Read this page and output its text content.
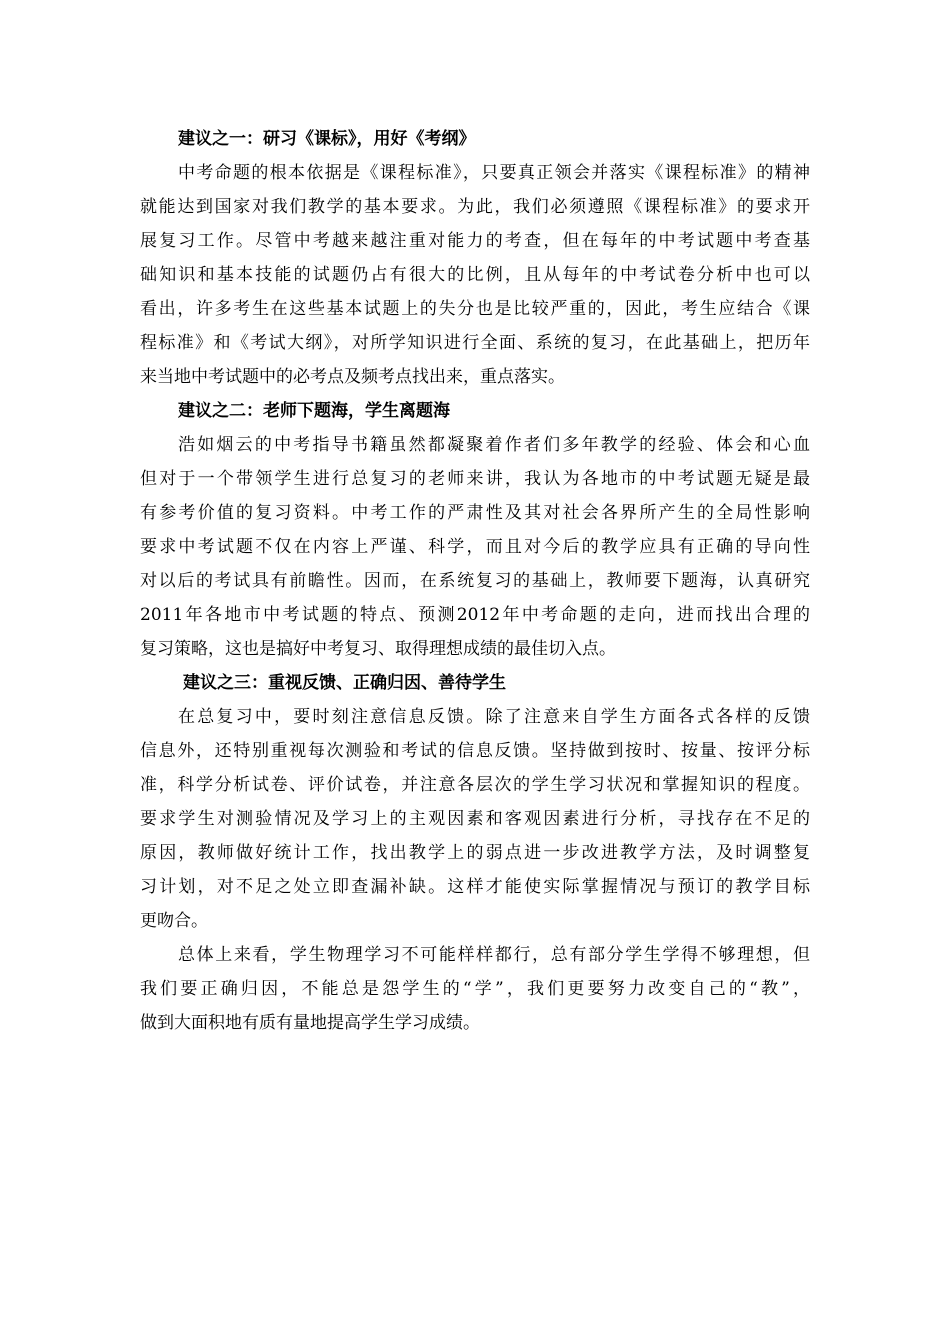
建议之一：研习《课标》，用好《考纲》
中考命题的根本依据是《课程标准》，只要真正领会并落实《课程标准》的精神
就能达到国家对我们教学的基本要求。为此，我们必须遵照《课程标准》的要求开
展复习工作。尽管中考越来越注重对能力的考查，但在每年的中考试题中考查基
础知识和基本技能的试题仍占有很大的比例，且从每年的中考试卷分析中也可以
看出，许多考生在这些基本试题上的失分也是比较严重的，因此，考生应结合《课
程标准》和《考试大纲》，对所学知识进行全面、系统的复习，在此基础上，把历年
来当地中考试题中的必考点及频考点找出来，重点落实。
建议之二：老师下题海，学生离题海
浩如烟云的中考指导书籍虽然都凝聚着作者们多年教学的经验、体会和心血
但对于一个带领学生进行总复习的老师来讲，我认为各地市的中考试题无疑是最
有参考价值的复习资料。中考工作的严肃性及其对社会各界所产生的全局性影响
要求中考试题不仅在内容上严谨、科学，而且对今后的教学应具有正确的导向性
对以后的考试具有前瞻性。因而，在系统复习的基础上，教师要下题海，认真研究
2011年各地市中考试题的特点、预测2012年中考命题的走向，进而找出合理的
复习策略，这也是搞好中考复习、取得理想成绩的最佳切入点。
建议之三：重视反馈、正确归因、善待学生
在总复习中，要时刻注意信息反馈。除了注意来自学生方面各式各样的反馈
信息外，还特别重视每次测验和考试的信息反馈。坚持做到按时、按量、按评分标
准，科学分析试卷、评价试卷，并注意各层次的学生学习状况和掌握知识的程度。
要求学生对测验情况及学习上的主观因素和客观因素进行分析，寻找存在不足的
原因，教师做好统计工作，找出教学上的弱点进一步改进教学方法，及时调整复
习计划，对不足之处立即查漏补缺。这样才能使实际掌握情况与预订的教学目标
更吻合。
总体上来看，学生物理学习不可能样样都行，总有部分学生学得不够理想，但
我们要正确归因，不能总是怨学生的“学”，我们更要努力改变自己的“教”，
做到大面积地有质有量地提高学生学习成绩。
